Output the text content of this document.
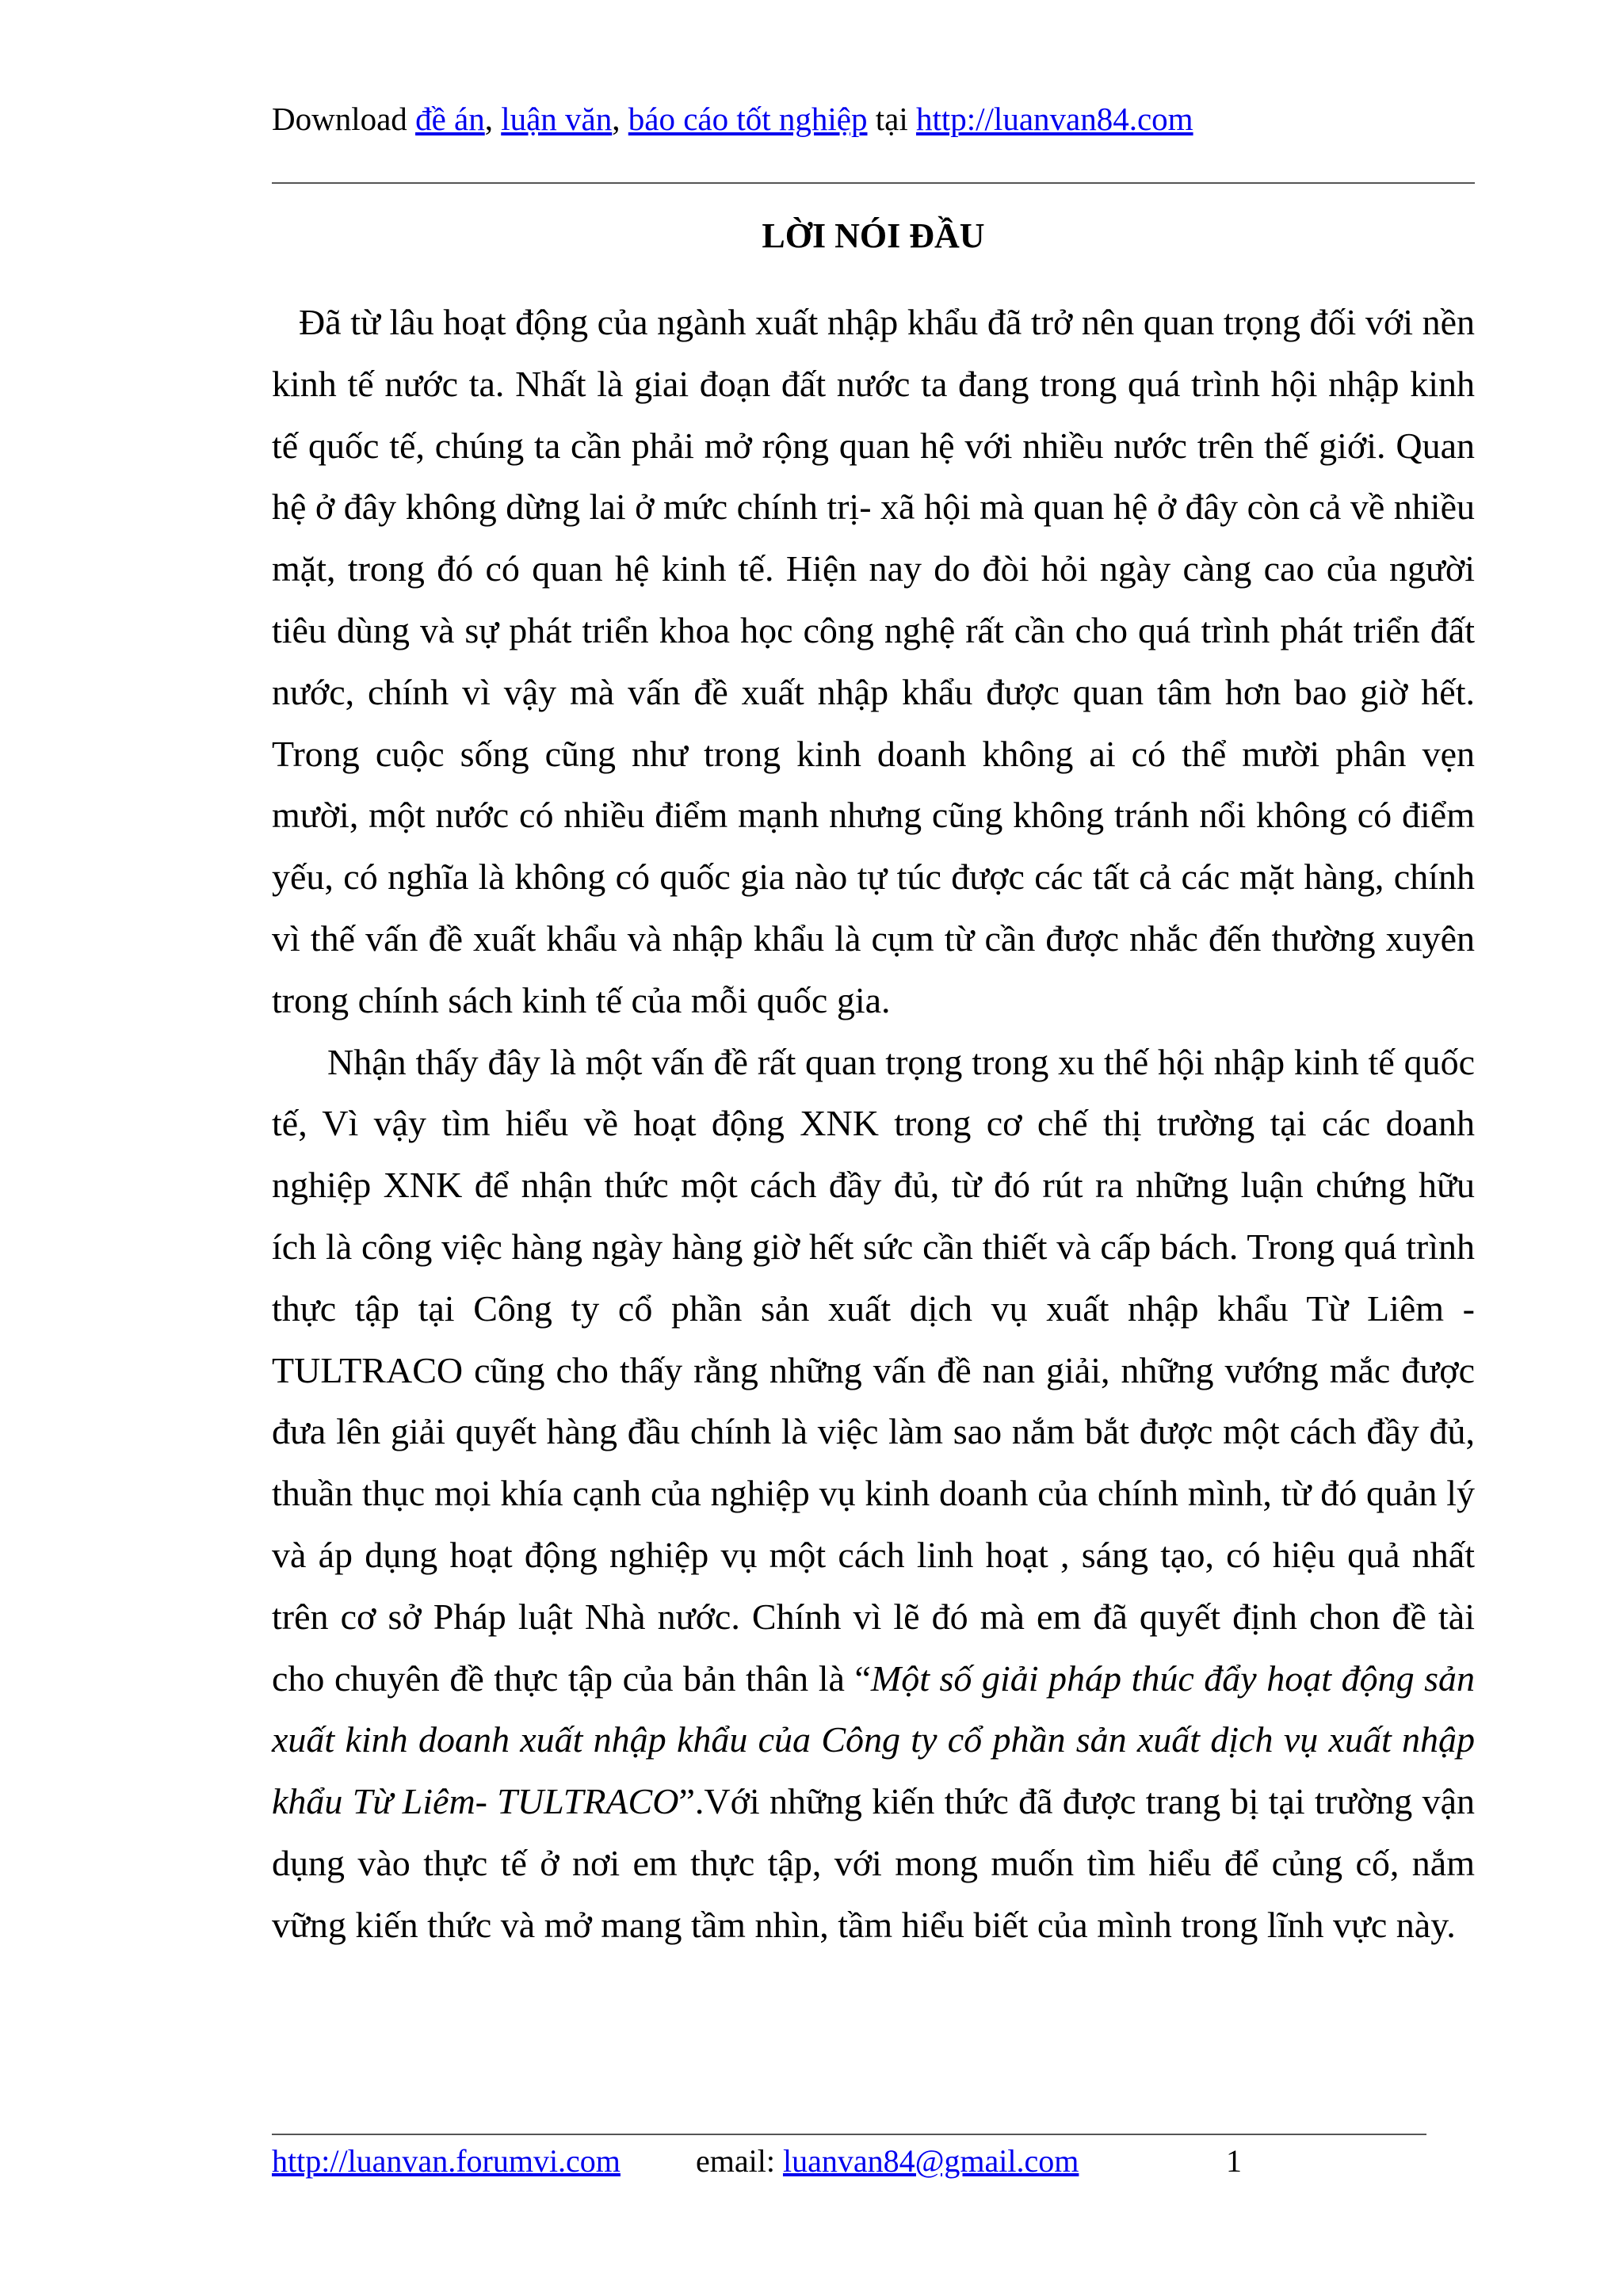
Download đề án, luận văn, báo cáo tốt nghiệp tại http://luanvan84.com
LỜI NÓI ĐẦU

Đã từ lâu hoạt động của ngành xuất nhập khẩu đã trở nên quan trọng đối với nền kinh tế nước ta. Nhất là giai đoạn đất nước ta đang trong quá trình hội nhập kinh tế quốc tế, chúng ta cần phải mở rộng quan hệ với nhiều nước trên thế giới. Quan hệ ở đây không dừng lai ở mức chính trị- xã hội mà quan hệ ở đây còn cả về nhiều mặt, trong đó có quan hệ kinh tế. Hiện nay do đòi hỏi ngày càng cao của người tiêu dùng và sự phát triển khoa học công nghệ rất cần cho quá trình phát triển đất nước, chính vì vậy mà vấn đề xuất nhập khẩu được quan tâm hơn bao giờ hết. Trong cuộc sống cũng như trong kinh doanh không ai có thể mười phân vẹn mười, một nước có nhiều điểm mạnh nhưng cũng không tránh nổi không có điểm yếu, có nghĩa là không có quốc gia nào tự túc được các tất cả các mặt hàng, chính vì thế vấn đề xuất khẩu và nhập khẩu là cụm từ cần được nhắc đến thường xuyên trong chính sách kinh tế của mỗi quốc gia.

Nhận thấy đây là một vấn đề rất quan trọng trong xu thế hội nhập kinh tế quốc tế, Vì vậy tìm hiểu về hoạt động XNK trong cơ chế thị trường tại các doanh nghiệp XNK để nhận thức một cách đầy đủ, từ đó rút ra những luận chứng hữu ích là công việc hàng ngày hàng giờ hết sức cần thiết và cấp bách. Trong quá trình thực tập tại Công ty cổ phần sản xuất dịch vụ xuất nhập khẩu Từ Liêm - TULTRACO cũng cho thấy rằng những vấn đề nan giải, những vướng mắc được đưa lên giải quyết hàng đầu chính là việc làm sao nắm bắt được một cách đầy đủ, thuần thục mọi khía cạnh của nghiệp vụ kinh doanh của chính mình, từ đó quản lý và áp dụng hoạt động nghiệp vụ một cách linh hoạt , sáng tạo, có hiệu quả nhất trên cơ sở Pháp luật Nhà nước. Chính vì lẽ đó mà em đã quyết định chon đề tài cho chuyên đề thực tập của bản thân là “Một số giải pháp thúc đẩy hoạt động sản xuất kinh doanh xuất nhập khẩu của Công ty cổ phần sản xuất dịch vụ xuất nhập khẩu Từ Liêm- TULTRACO”.Với những kiến thức đã được trang bị tại trường vận dụng vào thực tế ở nơi em thực tập, với mong muốn tìm hiểu để củng cố, nắm vững kiến thức và mở mang tầm nhìn, tầm hiểu biết của mình trong lĩnh vực này.

http://luanvan.forumvi.com email: luanvan84@gmail.com	1
